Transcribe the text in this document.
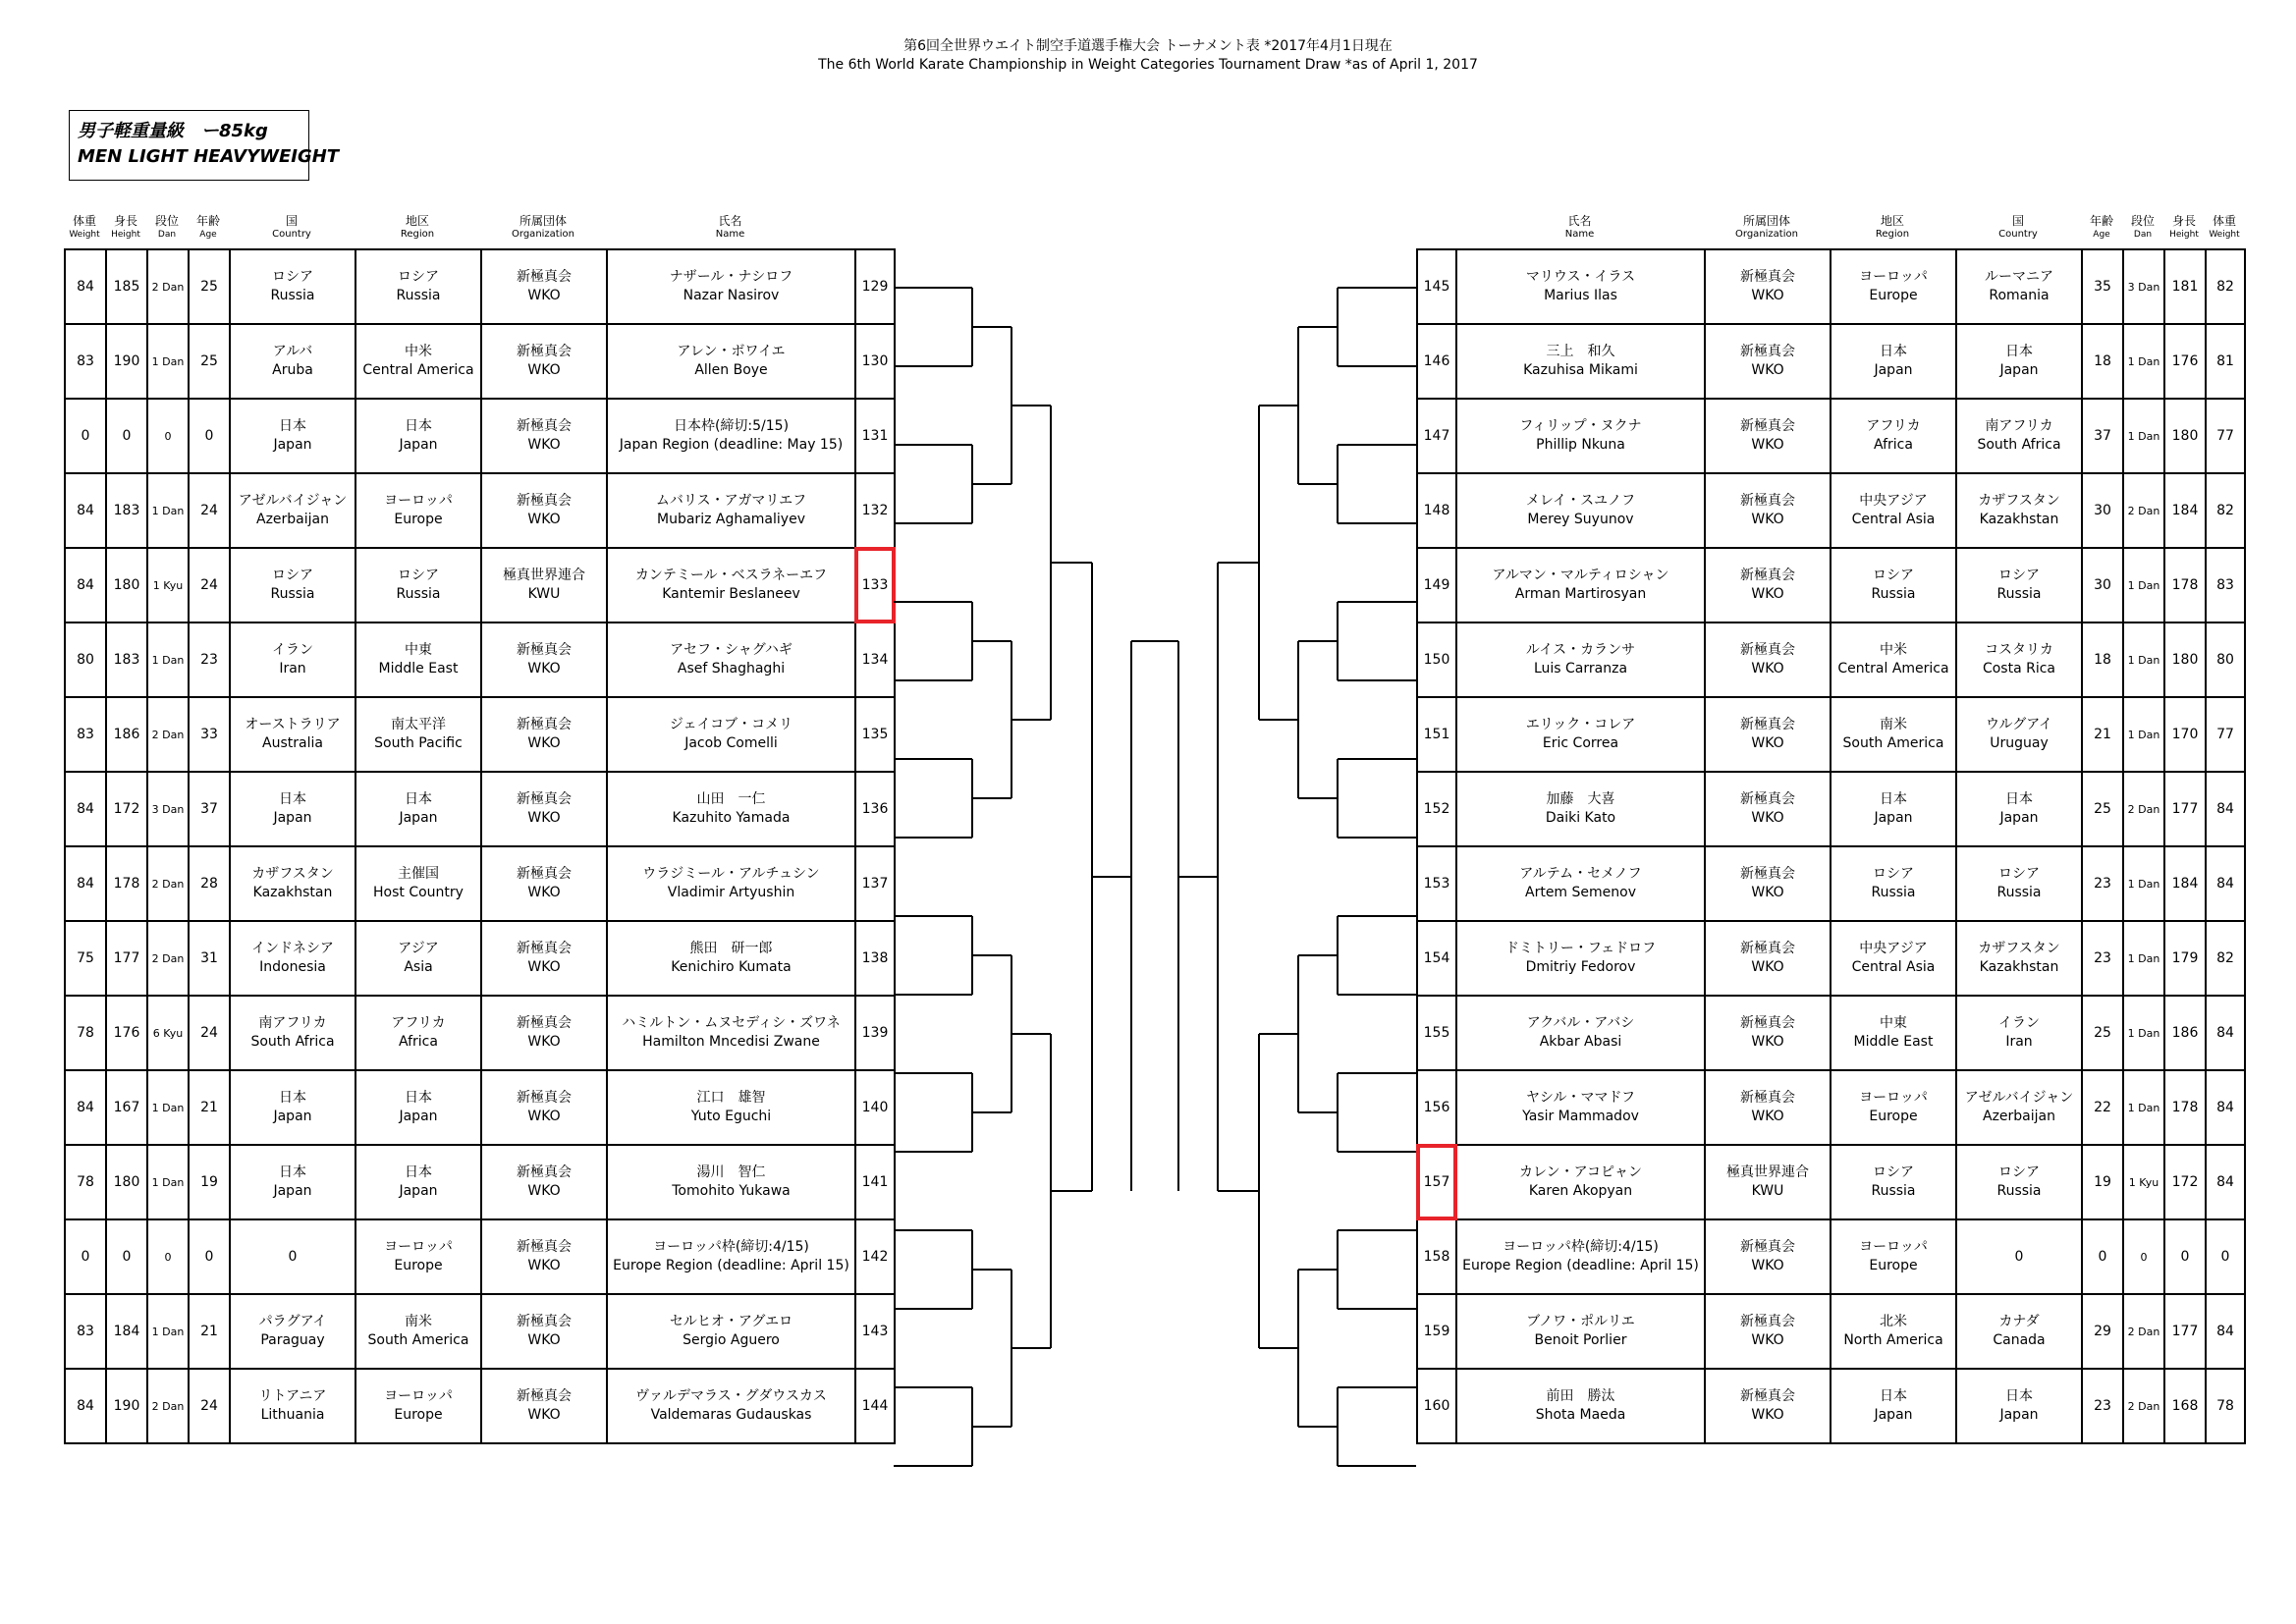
第6回全世界ウエイト制空手道選手権大会 トーナメント表 *2017年4月1日現在
The 6th World Karate Championship in Weight Categories Tournament Draw *as of April 1, 2017
男子軽重量級　ー85kg
MEN LIGHT HEAVYWEIGHT
体重
Weight
身長
Height
段位
Dan
年齢
Age
国
Country
地区
Region
所属団体
Organization
氏名
Name
氏名
Name
所属団体
Organization
地区
Region
国
Country
年齢
Age
段位
Dan
身長
Height
体重
Weight
84	185	2 Dan	25	ロシア
Russia	ロシア
Russia	新極真会
WKO	ナザール・ナシロフ
Nazar Nasirov	129

83	190	1 Dan	25	アルバ
Aruba	中米
Central America	新極真会
WKO	アレン・ボワイエ
Allen Boye	130

0	0	0	0	日本
Japan	日本
Japan	新極真会
WKO	日本枠(締切:5/15)
Japan Region (deadline: May 15)	131

84	183	1 Dan	24	アゼルバイジャン
Azerbaijan	ヨーロッパ
Europe	新極真会
WKO	ムバリス・アガマリエフ
Mubariz Aghamaliyev	132

84	180	1 Kyu	24	ロシア
Russia	ロシア
Russia	極真世界連合
KWU	カンテミール・ベスラネーエフ
Kantemir Beslaneev	133

80	183	1 Dan	23	イラン
Iran	中東
Middle East	新極真会
WKO	アセフ・シャグハギ
Asef Shaghaghi	134

83	186	2 Dan	33	オーストラリア
Australia	南太平洋
South Pacific	新極真会
WKO	ジェイコブ・コメリ
Jacob Comelli	135

84	172	3 Dan	37	日本
Japan	日本
Japan	新極真会
WKO	山田　一仁
Kazuhito Yamada	136

84	178	2 Dan	28	カザフスタン
Kazakhstan	主催国
Host Country	新極真会
WKO	ウラジミール・アルチュシン
Vladimir Artyushin	137

75	177	2 Dan	31	インドネシア
Indonesia	アジア
Asia	新極真会
WKO	熊田　研一郎
Kenichiro Kumata	138

78	176	6 Kyu	24	南アフリカ
South Africa	アフリカ
Africa	新極真会
WKO	ハミルトン・ムヌセディシ・ズワネ
Hamilton Mncedisi Zwane	139

84	167	1 Dan	21	日本
Japan	日本
Japan	新極真会
WKO	江口　雄智
Yuto Eguchi	140

78	180	1 Dan	19	日本
Japan	日本
Japan	新極真会
WKO	湯川　智仁
Tomohito Yukawa	141

0	0	0	0	0	ヨーロッパ
Europe	新極真会
WKO	ヨーロッパ枠(締切:4/15)
Europe Region (deadline: April 15)	142

83	184	1 Dan	21	パラグアイ
Paraguay	南米
South America	新極真会
WKO	セルヒオ・アグエロ
Sergio Aguero	143

84	190	2 Dan	24	リトアニア
Lithuania	ヨーロッパ
Europe	新極真会
WKO	ヴァルデマラス・グダウスカス
Valdemaras Gudauskas	144
145	マリウス・イラス
Marius Ilas	新極真会
WKO	ヨーロッパ
Europe	ルーマニア
Romania	35	3 Dan	181	82

146	三上　和久
Kazuhisa Mikami	新極真会
WKO	日本
Japan	日本
Japan	18	1 Dan	176	81

147	フィリップ・ヌクナ
Phillip Nkuna	新極真会
WKO	アフリカ
Africa	南アフリカ
South Africa	37	1 Dan	180	77

148	メレイ・スユノフ
Merey Suyunov	新極真会
WKO	中央アジア
Central Asia	カザフスタン
Kazakhstan	30	2 Dan	184	82

149	アルマン・マルティロシャン
Arman Martirosyan	新極真会
WKO	ロシア
Russia	ロシア
Russia	30	1 Dan	178	83

150	ルイス・カランサ
Luis Carranza	新極真会
WKO	中米
Central America	コスタリカ
Costa Rica	18	1 Dan	180	80

151	エリック・コレア
Eric Correa	新極真会
WKO	南米
South America	ウルグアイ
Uruguay	21	1 Dan	170	77

152	加藤　大喜
Daiki Kato	新極真会
WKO	日本
Japan	日本
Japan	25	2 Dan	177	84

153	アルテム・セメノフ
Artem Semenov	新極真会
WKO	ロシア
Russia	ロシア
Russia	23	1 Dan	184	84

154	ドミトリー・フェドロフ
Dmitriy Fedorov	新極真会
WKO	中央アジア
Central Asia	カザフスタン
Kazakhstan	23	1 Dan	179	82

155	アクバル・アバシ
Akbar Abasi	新極真会
WKO	中東
Middle East	イラン
Iran	25	1 Dan	186	84

156	ヤシル・ママドフ
Yasir Mammadov	新極真会
WKO	ヨーロッパ
Europe	アゼルバイジャン
Azerbaijan	22	1 Dan	178	84

157	カレン・アコピャン
Karen Akopyan	極真世界連合
KWU	ロシア
Russia	ロシア
Russia	19	1 Kyu	172	84

158	ヨーロッパ枠(締切:4/15)
Europe Region (deadline: April 15)	新極真会
WKO	ヨーロッパ
Europe	0	0	0	0	0

159	ブノワ・ポルリエ
Benoit Porlier	新極真会
WKO	北米
North America	カナダ
Canada	29	2 Dan	177	84

160	前田　勝汰
Shota Maeda	新極真会
WKO	日本
Japan	日本
Japan	23	2 Dan	168	78
